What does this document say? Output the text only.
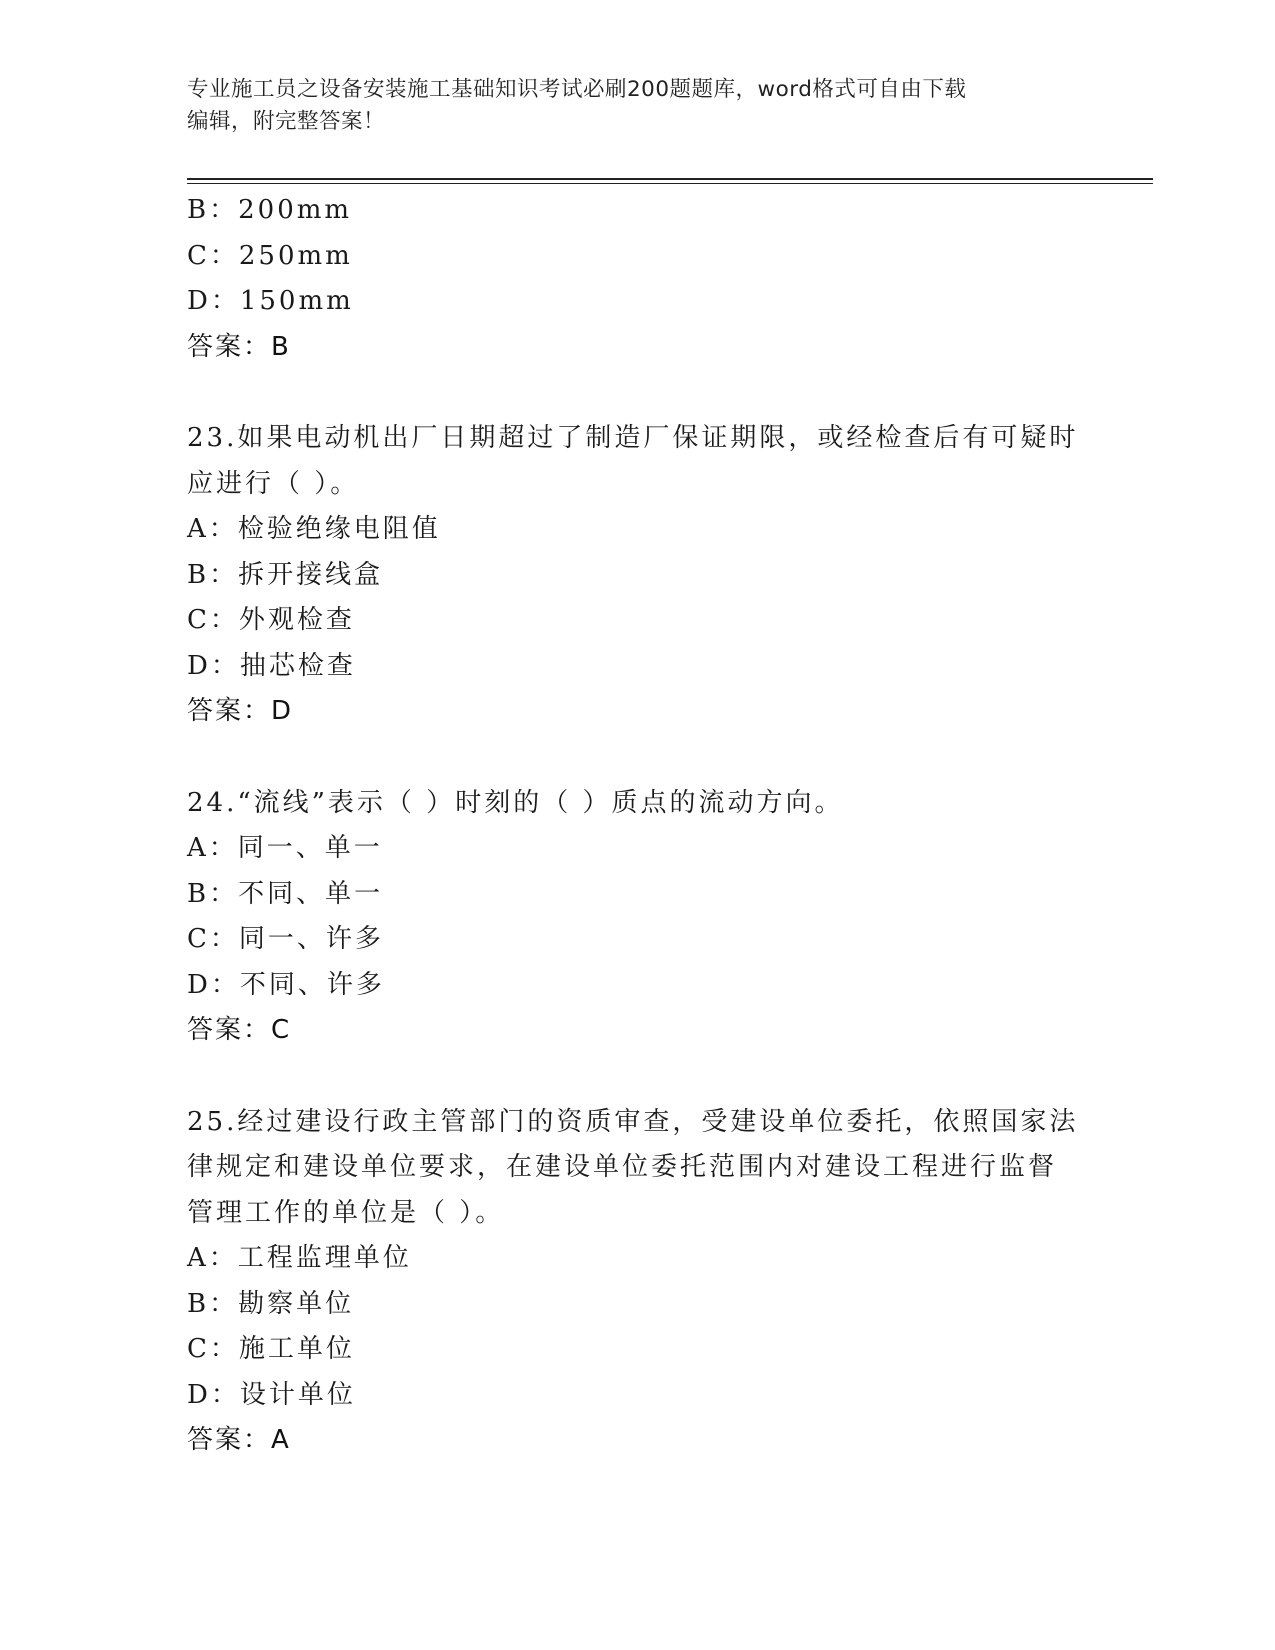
专业施工员之设备安装施工基础知识考试必刷200题题库，word格式可自由下载
编辑，附完整答案！
B：200mm
C：250mm
D：150mm
答案：B
23.如果电动机出厂日期超过了制造厂保证期限，或经检查后有可疑时
应进行（ ）。
A：检验绝缘电阻值
B：拆开接线盒
C：外观检查
D：抽芯检查
答案：D
24.“流线”表示（ ）时刻的（ ）质点的流动方向。
A：同一、单一
B：不同、单一
C：同一、许多
D：不同、许多
答案：C
25.经过建设行政主管部门的资质审查，受建设单位委托，依照国家法
律规定和建设单位要求，在建设单位委托范围内对建设工程进行监督
管理工作的单位是（ ）。
A：工程监理单位
B：勘察单位
C：施工单位
D：设计单位
答案：A
